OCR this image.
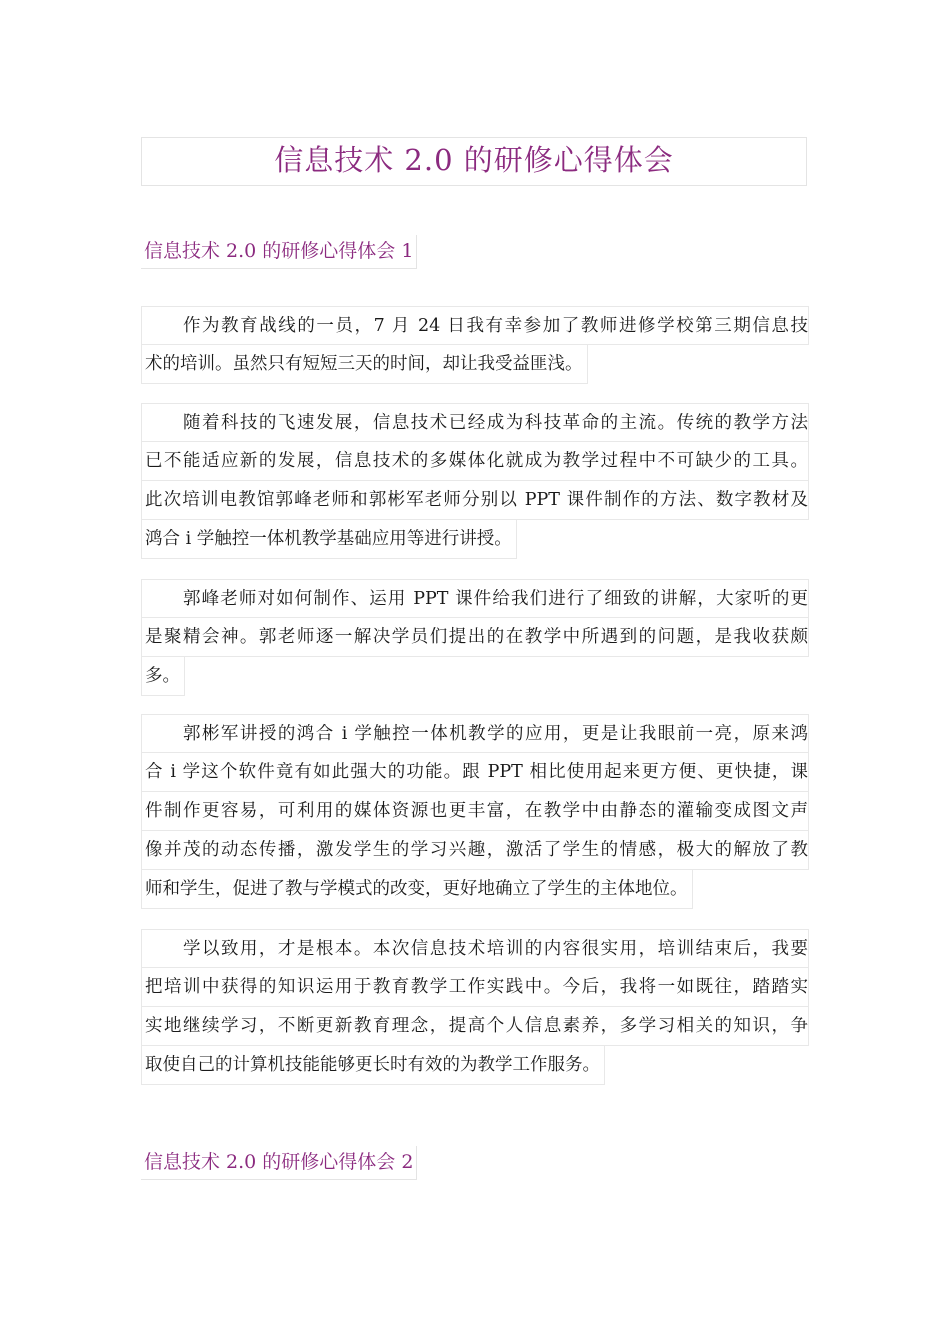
信息技术 2.0 的研修心得体会
信息技术 2.0 的研修心得体会 1
作为教育战线的一员，7 月 24 日我有幸参加了教师进修学校第三期信息技
术的培训。虽然只有短短三天的时间，却让我受益匪浅。
随着科技的飞速发展，信息技术已经成为科技革命的主流。传统的教学方法
已不能适应新的发展，信息技术的多媒体化就成为教学过程中不可缺少的工具。
此次培训电教馆郭峰老师和郭彬军老师分别以 PPT 课件制作的方法、数字教材及
鸿合 i 学触控一体机教学基础应用等进行讲授。
郭峰老师对如何制作、运用 PPT 课件给我们进行了细致的讲解，大家听的更
是聚精会神。郭老师逐一解决学员们提出的在教学中所遇到的问题，是我收获颇
多。
郭彬军讲授的鸿合 i 学触控一体机教学的应用，更是让我眼前一亮，原来鸿
合 i 学这个软件竟有如此强大的功能。跟 PPT 相比使用起来更方便、更快捷，课
件制作更容易，可利用的媒体资源也更丰富，在教学中由静态的灌输变成图文声
像并茂的动态传播，激发学生的学习兴趣，激活了学生的情感，极大的解放了教
师和学生，促进了教与学模式的改变，更好地确立了学生的主体地位。
学以致用，才是根本。本次信息技术培训的内容很实用，培训结束后，我要
把培训中获得的知识运用于教育教学工作实践中。今后，我将一如既往，踏踏实
实地继续学习，不断更新教育理念，提高个人信息素养，多学习相关的知识，争
取使自己的计算机技能能够更长时有效的为教学工作服务。
信息技术 2.0 的研修心得体会 2
